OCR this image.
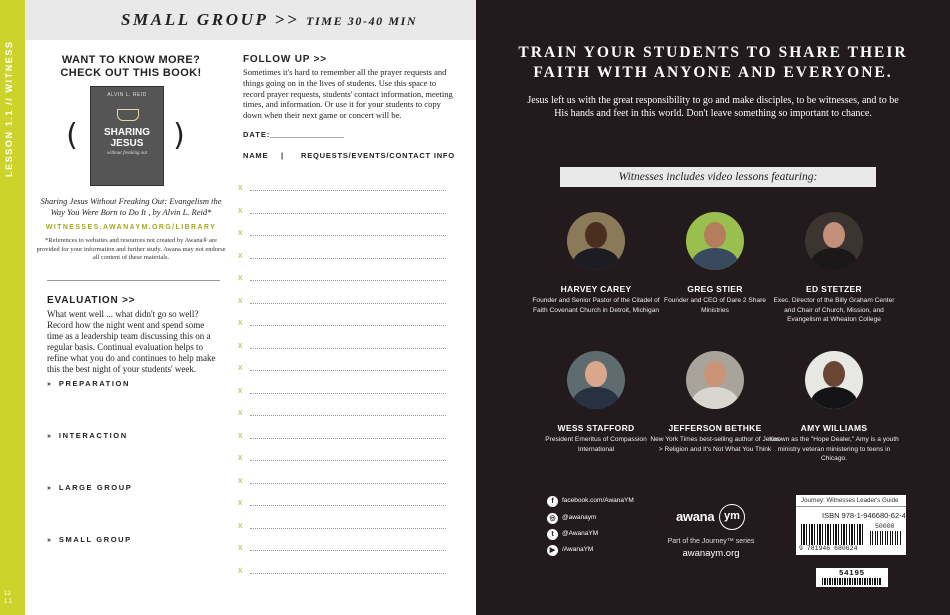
LESSON 1.1 // WITNESS
12
1.1
SMALL GROUP >> TIME 30-40 MIN
WANT TO KNOW MORE?
CHECK OUT THIS BOOK!
(
ALVIN L. REID
SHARING
JESUS
without freaking out
)
Sharing Jesus Without Freaking Out: Evangelism the Way You Were Born to Do It , by Alvin L. Reid*
WITNESSES.AWANAYM.ORG/LIBRARY
*References to websites and resources not created by Awana® are provided for your information and further study. Awana may not endorse all content of these materials.
EVALUATION >>
What went well ... what didn't go so well? Record how the night went and spend some time as a leadership team discussing this on a regular basis. Continual evaluation helps to refine what you do and continues to help make this the best night of your students' week.
» PREPARATION
» INTERACTION
» LARGE GROUP
» SMALL GROUP
FOLLOW UP >>
Sometimes it's hard to remember all the prayer requests and things going on in the lives of students. Use this space to record prayer requests, students' contact information, meeting times, and information. Or use it for your students to copy down when their next game or concert will be.
DATE:
NAME | REQUESTS/EVENTS/CONTACT INFO
x
x
x
x
x
x
x
x
x
x
x
x
x
x
x
x
x
x
TRAIN YOUR STUDENTS TO SHARE THEIR
FAITH WITH ANYONE AND EVERYONE.
Jesus left us with the great responsibility to go and make disciples, to be witnesses, and to be His hands and feet in this world. Don't leave something so important to chance.
Witnesses includes video lessons featuring:
HARVEY CAREY
Founder and Senior Pastor of the Citadel of Faith Covenant Church in Detroit, Michigan
GREG STIER
Founder and CEO of Dare 2 Share Ministries
ED STETZER
Exec. Director of the Billy Graham Center and Chair of Church, Mission, and Evangelism at Wheaton College
WESS STAFFORD
President Emeritus of Compassion International
JEFFERSON BETHKE
New York Times best-selling author of Jesus > Religion and It's Not What You Think
AMY WILLIAMS
Known as the "Hope Dealer," Amy is a youth ministry veteran ministering to teens in Chicago.
f	facebook.com/AwanaYM
◎ @awanaym
t	@AwanaYM
▶	/AwanaYM
awana ym
Part of the Journey™ series
awanaym.org
Journey: Witnesses Leader's Guide
ISBN 978-1-946680-62-4
50000
9 781946 680624
54195
